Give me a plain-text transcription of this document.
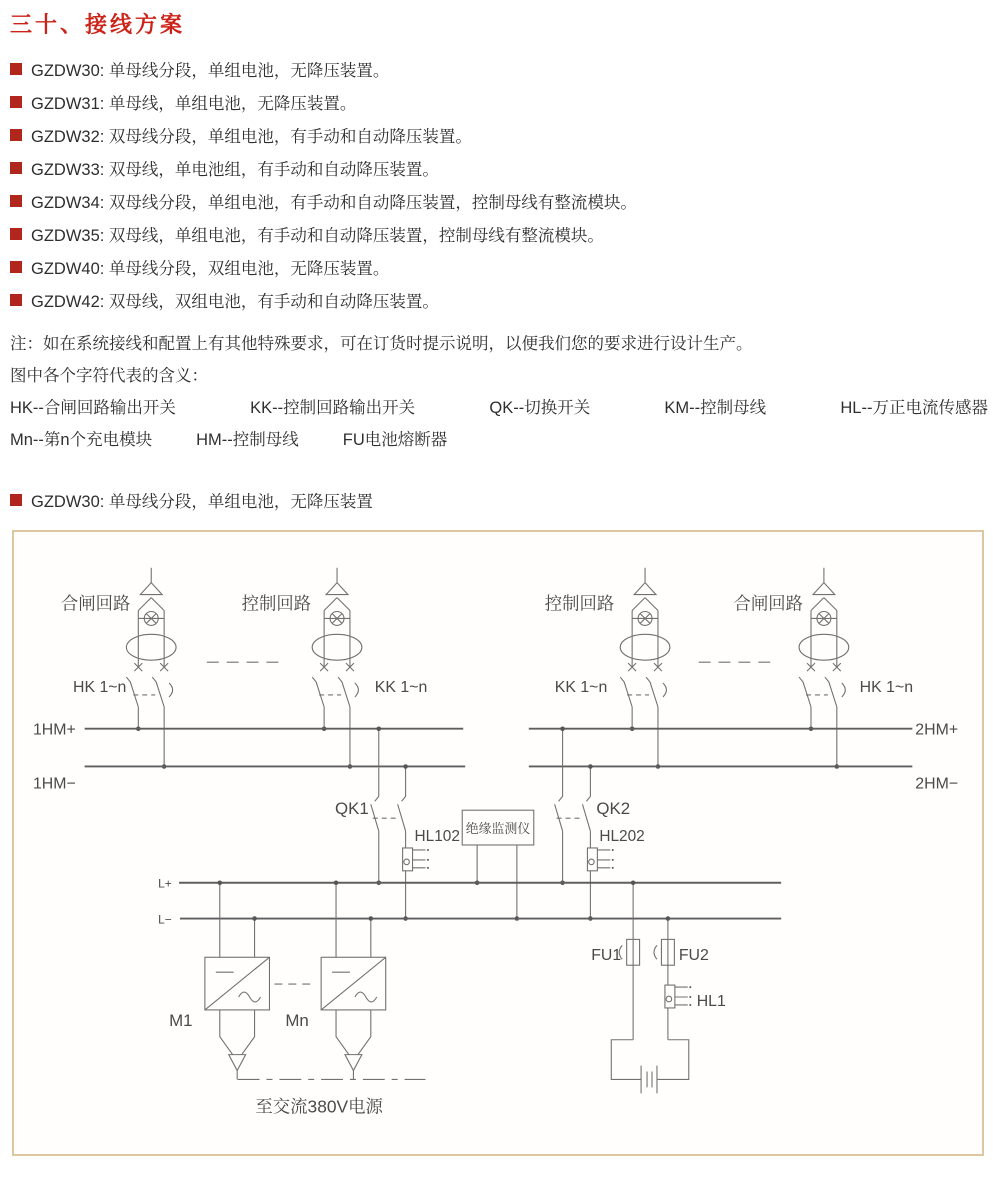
三十、接线方案
GZDW30: 单母线分段，单组电池，无降压装置。
GZDW31: 单母线，单组电池，无降压装置。
GZDW32: 双母线分段，单组电池，有手动和自动降压装置。
GZDW33: 双母线，单电池组，有手动和自动降压装置。
GZDW34: 双母线分段，单组电池，有手动和自动降压装置，控制母线有整流模块。
GZDW35: 双母线，单组电池，有手动和自动降压装置，控制母线有整流模块。
GZDW40: 单母线分段，双组电池，无降压装置。
GZDW42: 双母线，双组电池，有手动和自动降压装置。
注：如在系统接线和配置上有其他特殊要求，可在订货时提示说明，以便我们您的要求进行设计生产。
图中各个字符代表的含义：
HK--合闸回路输出开关	KK--控制回路输出开关	QK--切换开关	KM--控制母线	HL--万正电流传感器
Mn--第n个充电模块	HM--控制母线	FU电池熔断器
GZDW30: 单母线分段，单组电池，无降压装置
合闸回路	控制回路	控制回路	合闸回路
HK 1~n	KK 1~n	KK 1~n	HK 1~n
1HM+
1HM−
2HM+
2HM−
QK1
HL102
QK2
HL202
绝缘监测仪
L+
L−
M1	Mn
至交流380V电源
FU1	FU2
HL1
